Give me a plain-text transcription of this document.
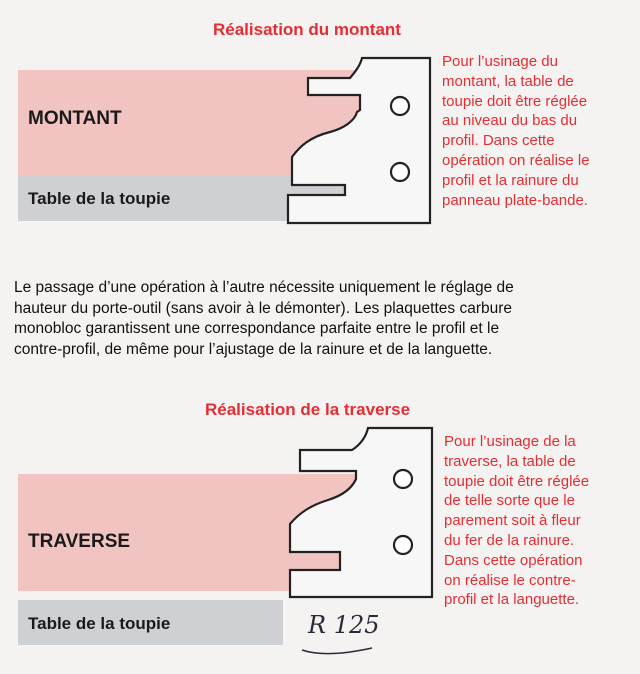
Réalisation du montant
MONTANT
Table de la toupie
Pour l’usinage du
montant, la table de
toupie doit être réglée
au niveau du bas du
profil. Dans cette
opération on réalise le
profil et la rainure du
panneau plate-bande.
Le passage d’une opération à l’autre nécessite uniquement le réglage de
hauteur du porte-outil (sans avoir à le démonter). Les plaquettes carbure
monobloc garantissent une correspondance parfaite entre le profil et le
contre-profil, de même pour l’ajustage de la rainure et de la languette.
Réalisation de la traverse
TRAVERSE
Table de la toupie
Pour l’usinage de la
traverse, la table de
toupie doit être réglée
de telle sorte que le
parement soit à fleur
du fer de la rainure.
Dans cette opération
on réalise le contre-
profil et la languette.
R 125
